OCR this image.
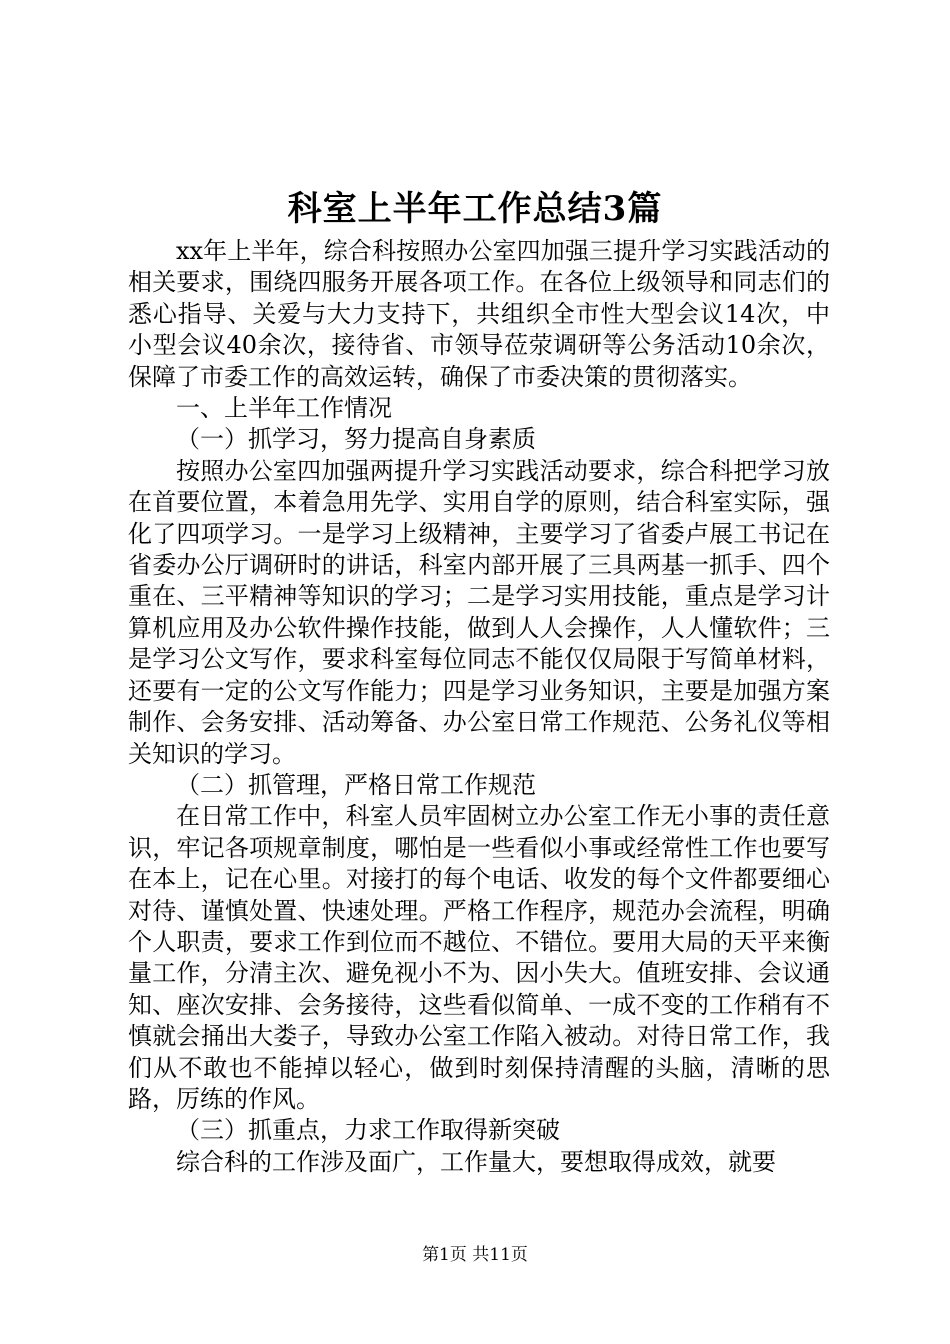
科室上半年工作总结3篇

xx年上半年，综合科按照办公室四加强三提升学习实践活动的相关要求，围绕四服务开展各项工作。在各位上级领导和同志们的悉心指导、关爱与大力支持下，共组织全市性大型会议14次，中小型会议40余次，接待省、市领导莅荥调研等公务活动10余次，保障了市委工作的高效运转，确保了市委决策的贯彻落实。

一、上半年工作情况

（一）抓学习，努力提高自身素质

按照办公室四加强两提升学习实践活动要求，综合科把学习放在首要位置，本着急用先学、实用自学的原则，结合科室实际，强化了四项学习。一是学习上级精神，主要学习了省委卢展工书记在省委办公厅调研时的讲话，科室内部开展了三具两基一抓手、四个重在、三平精神等知识的学习；二是学习实用技能，重点是学习计算机应用及办公软件操作技能，做到人人会操作，人人懂软件；三是学习公文写作，要求科室每位同志不能仅仅局限于写简单材料，还要有一定的公文写作能力；四是学习业务知识，主要是加强方案制作、会务安排、活动筹备、办公室日常工作规范、公务礼仪等相关知识的学习。

（二）抓管理，严格日常工作规范

在日常工作中，科室人员牢固树立办公室工作无小事的责任意识，牢记各项规章制度，哪怕是一些看似小事或经常性工作也要写在本上，记在心里。对接打的每个电话、收发的每个文件都要细心对待、谨慎处置、快速处理。严格工作程序，规范办会流程，明确个人职责，要求工作到位而不越位、不错位。要用大局的天平来衡量工作，分清主次、避免视小不为、因小失大。值班安排、会议通知、座次安排、会务接待，这些看似简单、一成不变的工作稍有不慎就会捅出大娄子，导致办公室工作陷入被动。对待日常工作，我们从不敢也不能掉以轻心，做到时刻保持清醒的头脑，清晰的思路，厉练的作风。

（三）抓重点，力求工作取得新突破

综合科的工作涉及面广，工作量大，要想取得成效，就要

第1页 共11页
